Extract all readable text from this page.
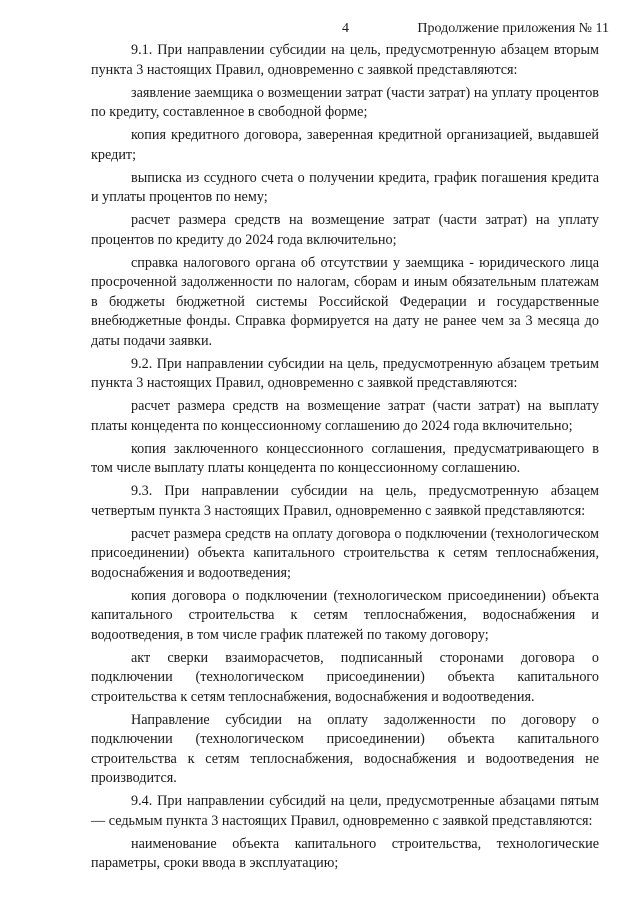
4	Продолжение приложения № 11

9.1. При направлении субсидии на цель, предусмотренную абзацем вторым пункта 3 настоящих Правил, одновременно с заявкой представляются:

заявление заемщика о возмещении затрат (части затрат) на уплату процентов по кредиту, составленное в свободной форме;

копия кредитного договора, заверенная кредитной организацией, выдавшей кредит;

выписка из ссудного счета о получении кредита, график погашения кредита и уплаты процентов по нему;

расчет размера средств на возмещение затрат (части затрат) на уплату процентов по кредиту до 2024 года включительно;

справка налогового органа об отсутствии у заемщика - юридического лица просроченной задолженности по налогам, сборам и иным обязательным платежам в бюджеты бюджетной системы Российской Федерации и государственные внебюджетные фонды. Справка формируется на дату не ранее чем за 3 месяца до даты подачи заявки.

9.2. При направлении субсидии на цель, предусмотренную абзацем третьим пункта 3 настоящих Правил, одновременно с заявкой представляются:

расчет размера средств на возмещение затрат (части затрат) на выплату платы концедента по концессионному соглашению до 2024 года включительно;

копия заключенного концессионного соглашения, предусматривающего в том числе выплату платы концедента по концессионному соглашению.

9.3. При направлении субсидии на цель, предусмотренную абзацем четвертым пункта 3 настоящих Правил, одновременно с заявкой представляются:

расчет размера средств на оплату договора о подключении (технологическом присоединении) объекта капитального строительства к сетям теплоснабжения, водоснабжения и водоотведения;

копия договора о подключении (технологическом присоединении) объекта капитального строительства к сетям теплоснабжения, водоснабжения и водоотведения, в том числе график платежей по такому договору;

акт сверки взаиморасчетов, подписанный сторонами договора о подключении (технологическом присоединении) объекта капитального строительства к сетям теплоснабжения, водоснабжения и водоотведения.

Направление субсидии на оплату задолженности по договору о подключении (технологическом присоединении) объекта капитального строительства к сетям теплоснабжения, водоснабжения и водоотведения не производится.

9.4. При направлении субсидий на цели, предусмотренные абзацами пятым — седьмым пункта 3 настоящих Правил, одновременно с заявкой представляются:

наименование объекта капитального строительства, технологические параметры, сроки ввода в эксплуатацию;
